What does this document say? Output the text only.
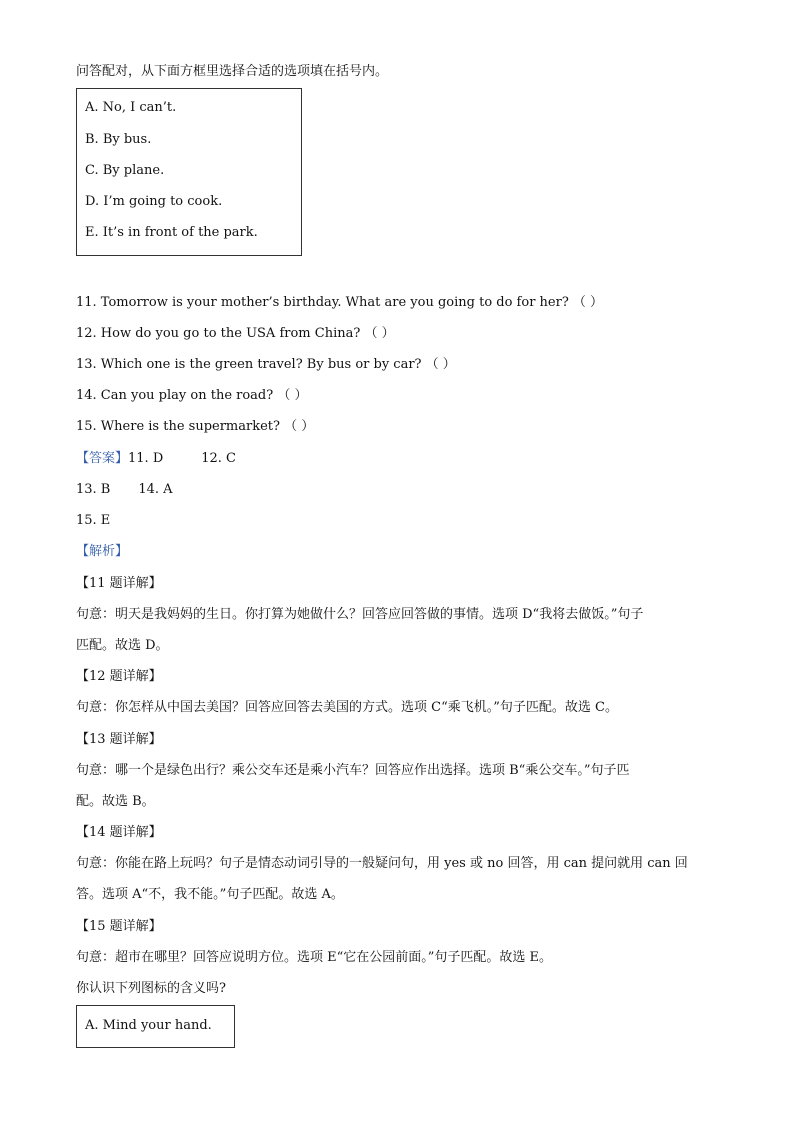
问答配对，从下面方框里选择合适的选项填在括号内。
A. No, I can’t.
B. By bus.
C. By plane.
D. I’m going to cook.
E. It’s in front of the park.
11. Tomorrow is your mother’s birthday. What are you going to do for her? （ ）
12. How do you go to the USA from China? （ ）
13. Which one is the green travel? By bus or by car? （ ）
14. Can you play on the road? （ ）
15. Where is the supermarket? （ ）
【答案】11. D	12. C
13. B 14. A
15. E
【解析】
【11 题详解】
句意：明天是我妈妈的生日。你打算为她做什么？回答应回答做的事情。选项 D“我将去做饭。”句子
匹配。故选 D。
【12 题详解】
句意：你怎样从中国去美国？回答应回答去美国的方式。选项 C“乘飞机。”句子匹配。故选 C。
【13 题详解】
句意：哪一个是绿色出行？乘公交车还是乘小汽车？回答应作出选择。选项 B“乘公交车。”句子匹
配。故选 B。
【14 题详解】
句意：你能在路上玩吗？句子是情态动词引导的一般疑问句，用 yes 或 no 回答，用 can 提问就用 can 回
答。选项 A“不，我不能。”句子匹配。故选 A。
【15 题详解】
句意：超市在哪里？回答应说明方位。选项 E“它在公园前面。”句子匹配。故选 E。
你认识下列图标的含义吗?
A. Mind your hand.
